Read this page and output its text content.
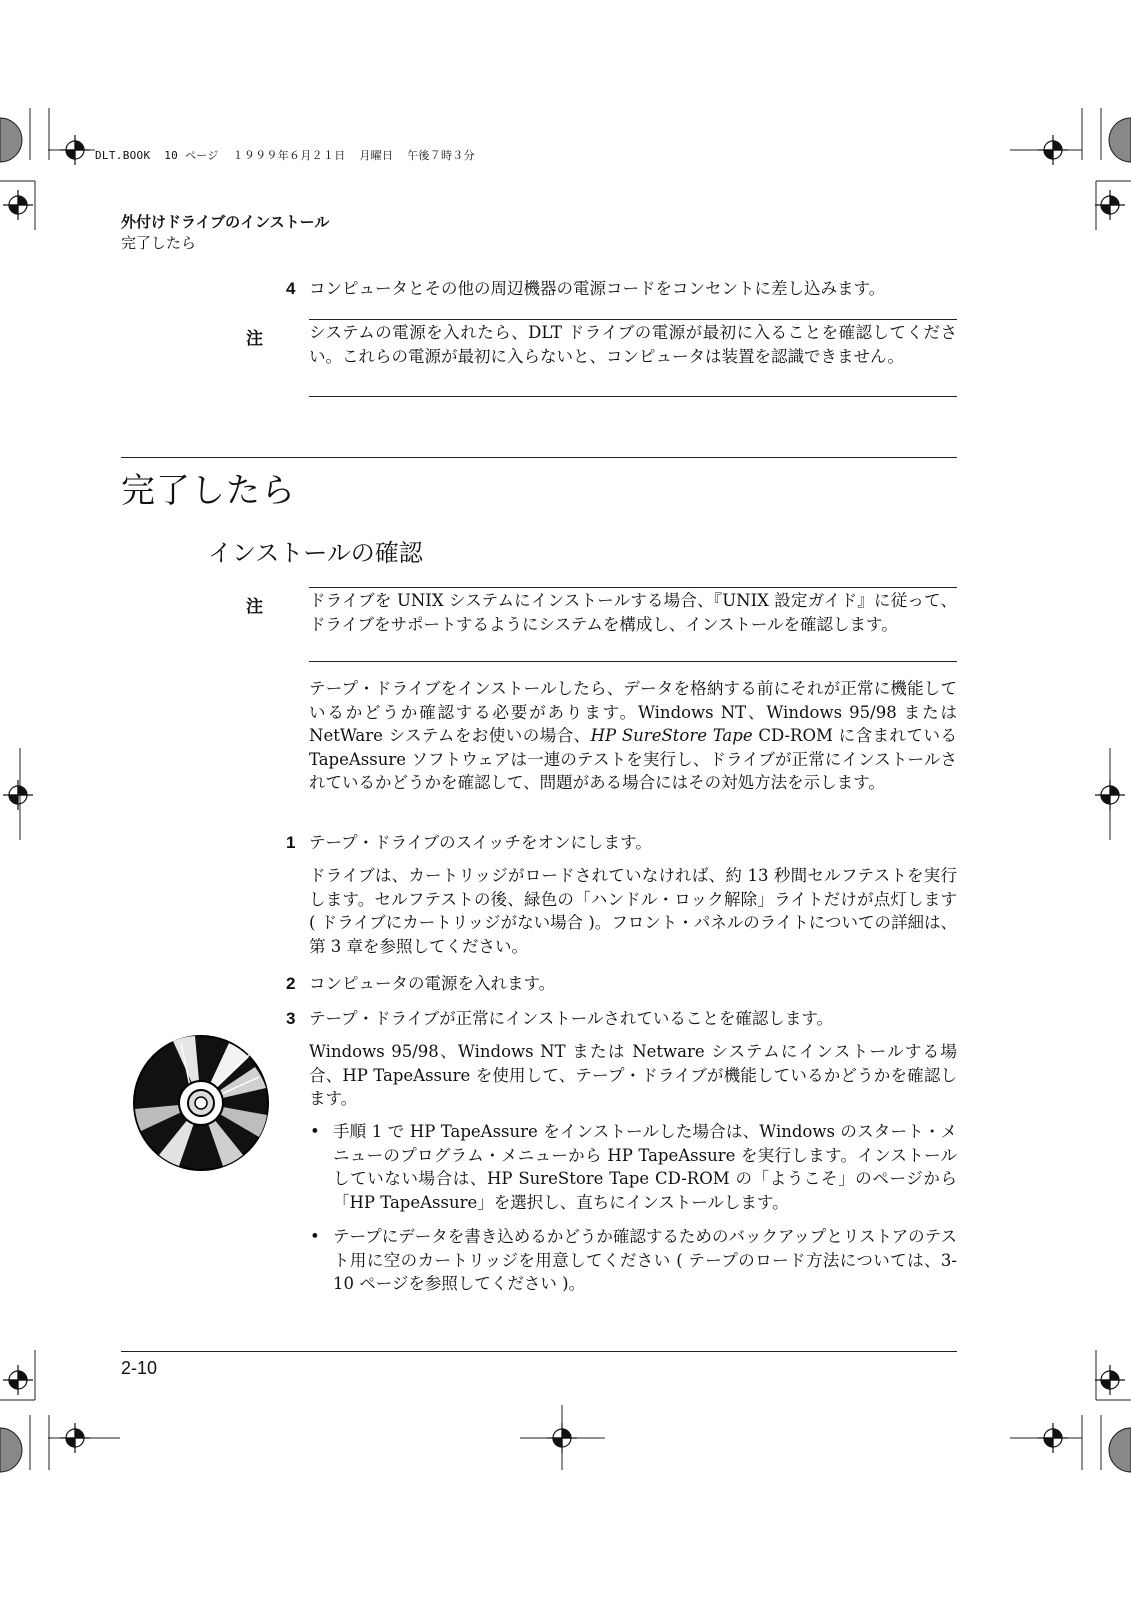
DLT.BOOK  10 ページ  １９９９年６月２１日  月曜日  午後７時３分
外付けドライブのインストール
完了したら
4 コンピュータとその他の周辺機器の電源コードをコンセントに差し込みます。
注	システムの電源を入れたら、DLT ドライブの電源が最初に入ることを確認してください。これらの電源が最初に入らないと、コンピュータは装置を認識できません。
完了したら
インストールの確認
注	ドライブを UNIX システムにインストールする場合、『UNIX 設定ガイド』に従って、ドライブをサポートするようにシステムを構成し、インストールを確認します。
テープ・ドライブをインストールしたら、データを格納する前にそれが正常に機能しているかどうか確認する必要があります。Windows NT、Windows 95/98 または NetWare システムをお使いの場合、HP SureStore Tape CD-ROM に含まれている TapeAssure ソフトウェアは一連のテストを実行し、ドライブが正常にインストールされているかどうかを確認して、問題がある場合にはその対処方法を示します。
1 テープ・ドライブのスイッチをオンにします。
ドライブは、カートリッジがロードされていなければ、約 13 秒間セルフテストを実行します。セルフテストの後、緑色の「ハンドル・ロック解除」ライトだけが点灯します ( ドライブにカートリッジがない場合 )。フロント・パネルのライトについての詳細は、第 3 章を参照してください。
2 コンピュータの電源を入れます。
3 テープ・ドライブが正常にインストールされていることを確認します。
Windows 95/98、Windows NT または Netware システムにインストールする場合、HP TapeAssure を使用して、テープ・ドライブが機能しているかどうかを確認します。
• 手順 1 で HP TapeAssure をインストールした場合は、Windows のスタート・メニューのプログラム・メニューから HP TapeAssure を実行します。インストールしていない場合は、HP SureStore Tape CD-ROM の「ようこそ」のページから「HP TapeAssure」を選択し、直ちにインストールします。
• テープにデータを書き込めるかどうか確認するためのバックアップとリストアのテスト用に空のカートリッジを用意してください ( テープのロード方法については、3-10 ページを参照してください )。
2-10
